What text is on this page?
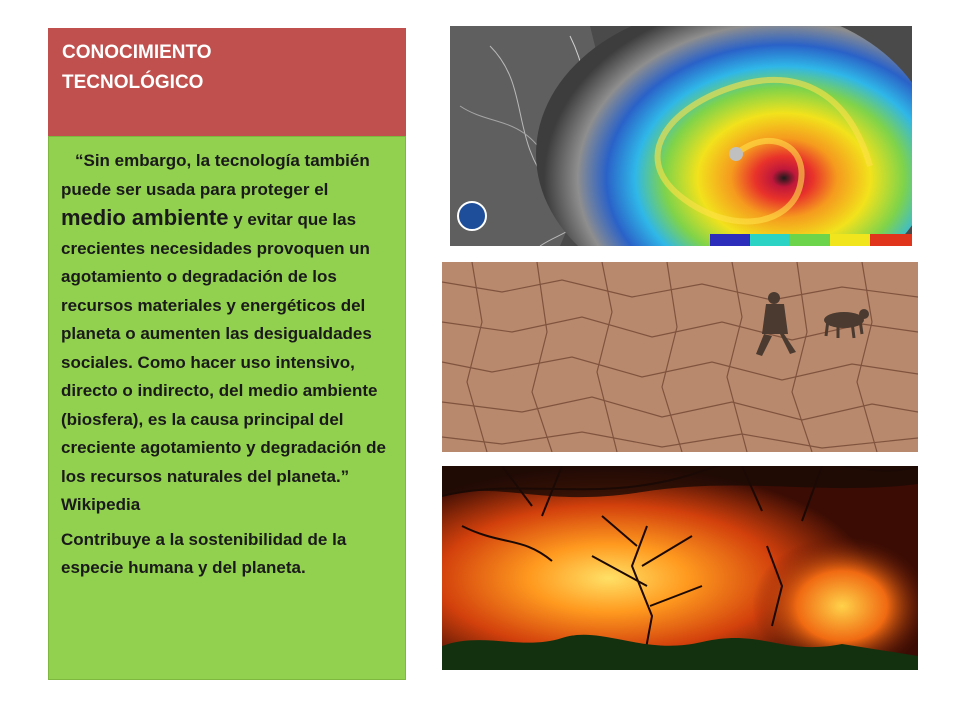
CONOCIMIENTO
TECNOLÓGICO

“Sin embargo, la tecnología también puede ser usada para proteger el medio ambiente y evitar que las crecientes necesidades provoquen un agotamiento o degradación de los recursos materiales y energéticos del planeta o aumenten las desigualdades sociales. Como hacer uso intensivo, directo o indirecto, del medio ambiente (biosfera), es la causa principal del creciente agotamiento y degradación de los recursos naturales del planeta.” Wikipedia

Contribuye a la sostenibilidad de la especie humana y del planeta.
